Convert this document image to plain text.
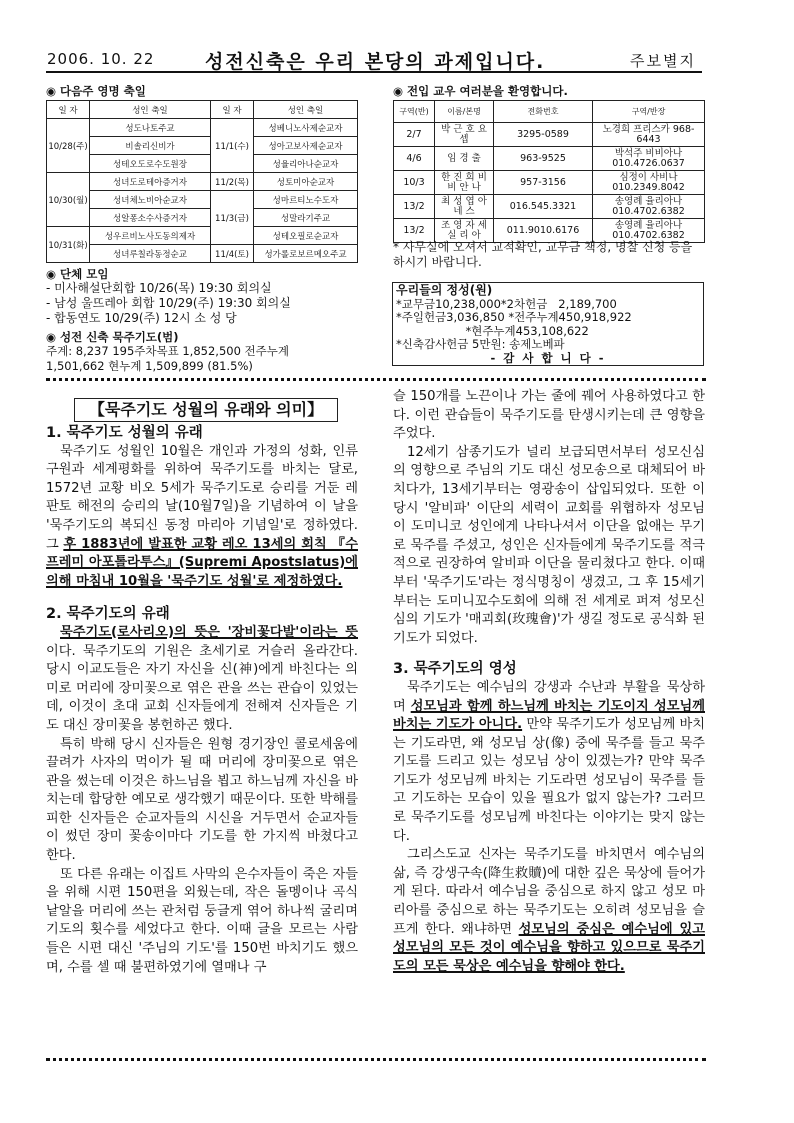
2006. 10. 22	성전신축은 우리 본당의 과제입니다.	주보별지
◉ 다음주 영명 축일
일 자	성인 축일	일 자	성인 축일
10/28(주)	성도나토주교	11/1(수)	성베니노사제순교자
	비솔리신비가		성아고보사제순교자
	성테오도로수도원장		성율리아나순교자
10/30(월)	성녀도로테아증거자	11/2(목)	성토미아순교자
	성녀체노비아순교자	11/3(금)	성마르티노수도자
	성알퐁소수사증거자		성말라기주교
10/31(화)	성우르비노사도동의제자		성테오필로순교자
	성녀루칠라동정순교	11/4(토)	성가롤로보르메오주교
◉ 단체 모임
- 미사해설단회합 10/26(목) 19:30 회의실
- 남성 울뜨레아 회합 10/29(주) 19:30 회의실
- 합동연도 10/29(주) 12시 소 성 당
◉ 성전 신축 묵주기도(범)
주계: 8,237 195주차목표 1,852,500 전주누계
1,501,662 현누계 1,509,899 (81.5%)
◉ 전입 교우 여러분을 환영합니다.
구역(반)	이름/본명	전화번호	구역/반장
2/7	박 근 호 요 셉	3295-0589	노경희 프리스카 968-6443
4/6	임 경 출	963-9525	박석주 비비아나 010.4726.0637
10/3	한 진 희 비 비 안 나	957-3156	심정이 사비나 010.2349.8042
13/2	최 성 엽 아 네 스	016.545.3321	송영례 율리아나 010.4702.6382
13/2	조 영 자 세 실 리 아	011.9010.6176	송영례 율리아나 010.4702.6382
* 사무실에 오셔서 교적확인, 교무금 책정, 명찰 신청 등을 하시기 바랍니다.
우리들의 정성(원)
*교무금10,238,000*2차헌금   2,189,700
*주일헌금3,036,850 *전주누계450,918,922
*현주누계453,108,622
*신축감사헌금 5만원: 송제노베파
- 감 사 합 니 다 -
【묵주기도 성월의 유래와 의미】
1. 묵주기도 성월의 유래

묵주기도 성월인 10월은 개인과 가정의 성화, 인류구원과 세계평화를 위하여 묵주기도를 바치는 달로, 1572년 교황 비오 5세가 묵주기도로 승리를 거둔 레판토 해전의 승리의 날(10월7일)을 기념하여 이 날을 '묵주기도의 복되신 동정 마리아 기념일'로 정하였다. 그 후 1883년에 발표한 교황 레오 13세의 회칙 『수프레미 아포톨라투스』(Supremi Apostslatus)에 의해 마침내 10월을 '묵주기도 성월'로 제정하였다.

2. 묵주기도의 유래

묵주기도(로사리오)의 뜻은 '장비꽃다발'이라는 뜻이다. 묵주기도의 기원은 초세기로 거슬러 올라간다. 당시 이교도들은 자기 자신을 신(神)에게 바친다는 의미로 머리에 장미꽃으로 엮은 관을 쓰는 관습이 있었는데, 이것이 초대 교회 신자들에게 전해져 신자들은 기도 대신 장미꽃을 봉헌하곤 했다.

특히 박해 당시 신자들은 원형 경기장인 콜로세움에 끌려가 사자의 먹이가 될 때 머리에 장미꽃으로 엮은 관을 썼는데 이것은 하느님을 뵙고 하느님께 자신을 바치는데 합당한 예모로 생각했기 때문이다. 또한 박해를 피한 신자들은 순교자들의 시신을 거두면서 순교자들이 썼던 장미 꽃송이마다 기도를 한 가지씩 바쳤다고 한다.

또 다른 유래는 이집트 사막의 은수자들이 죽은 자들을 위해 시편 150편을 외웠는데, 작은 돌멩이나 곡식 낱알을 머리에 쓰는 관처럼 둥글게 엮어 하나씩 굴리며 기도의 횟수를 세었다고 한다. 이때 글을 모르는 사람들은 시편 대신 '주님의 기도'를 150번 바치기도 했으며, 수를 셀 때 불편하였기에 열매나 구

슬 150개를 노끈이나 가는 줄에 꿰어 사용하였다고 한다. 이런 관습들이 묵주기도를 탄생시키는데 큰 영향을 주었다.

12세기 삼종기도가 널리 보급되면서부터 성모신심의 영향으로 주님의 기도 대신 성모송으로 대체되어 바치다가, 13세기부터는 영광송이 삽입되었다. 또한 이 당시 '알비파' 이단의 세력이 교회를 위협하자 성모님이 도미니코 성인에게 나타나셔서 이단을 없애는 무기로 묵주를 주셨고, 성인은 신자들에게 묵주기도를 적극적으로 권장하여 알비파 이단을 물리쳤다고 한다. 이때부터 '묵주기도'라는 정식명칭이 생겼고, 그 후 15세기부터는 도미니꼬수도회에 의해 전 세계로 퍼져 성모신심의 기도가 '매괴회(玫瑰會)'가 생길 정도로 공식화 된 기도가 되었다.

3. 묵주기도의 영성

묵주기도는 예수님의 강생과 수난과 부활을 묵상하며 성모님과 함께 하느님께 바치는 기도이지 성모님께 바치는 기도가 아니다. 만약 묵주기도가 성모님께 바치는 기도라면, 왜 성모님 상(像) 중에 묵주를 들고 묵주기도를 드리고 있는 성모님 상이 있겠는가? 만약 묵주기도가 성모님께 바치는 기도라면 성모님이 묵주를 들고 기도하는 모습이 있을 필요가 없지 않는가? 그러므로 묵주기도를 성모님께 바친다는 이야기는 맞지 않는다.

그리스도교 신자는 묵주기도를 바치면서 예수님의 삶, 즉 강생구속(降生救贖)에 대한 깊은 묵상에 들어가게 된다. 따라서 예수님을 중심으로 하지 않고 성모 마리아를 중심으로 하는 묵주기도는 오히려 성모님을 슬프게 한다. 왜냐하면 성모님의 중심은 예수님에 있고 성모님의 모든 것이 예수님을 향하고 있으므로 묵주기도의 모든 묵상은 예수님을 향해야 한다.
